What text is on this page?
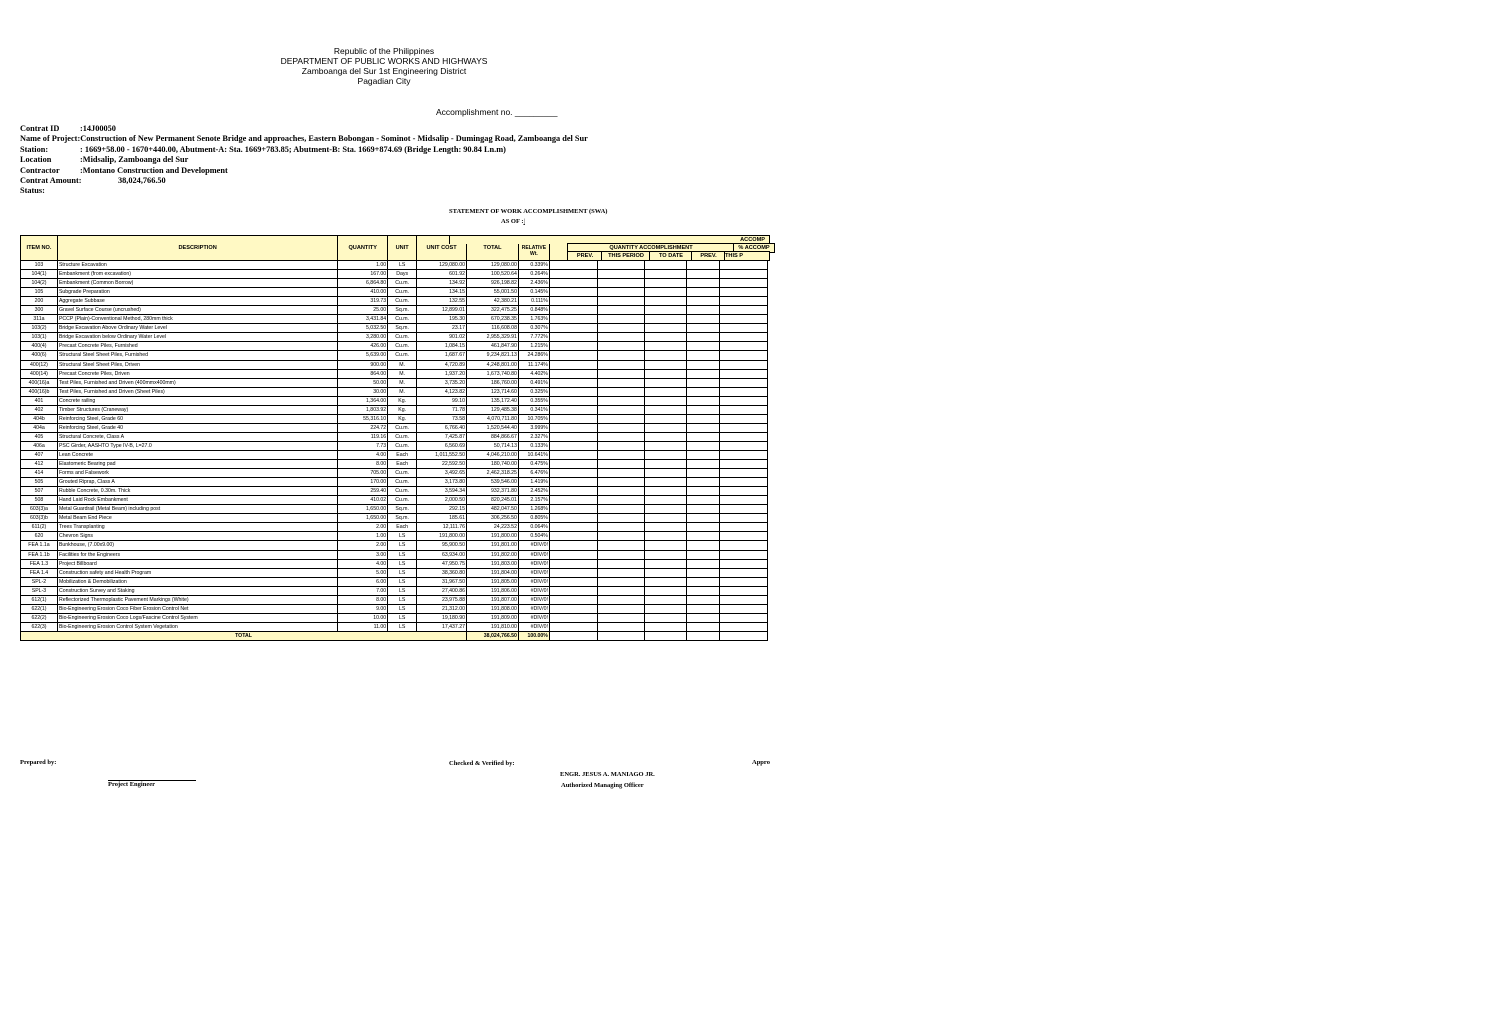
Republic of the Philippines
DEPARTMENT OF PUBLIC WORKS AND HIGHWAYS
Zamboanga del Sur 1st Engineering District
Pagadian City
Accomplishment no. _________
Contrat ID	:14J00050
Name of Project :Construction of New Permanent Senote Bridge and approaches, Eastern Bobongan - Sominot - Midsalip - Dumingag Road, Zamboanga del Sur
Station:	: 1669+58.00 - 1670+440.00, Abutment-A: Sta. 1669+783.85; Abutment-B: Sta. 1669+874.69 (Bridge Length: 90.84 Ln.m)
Location	:Midsalip, Zamboanga del Sur
Contractor	:Montano Construction and Development
Contrat Amount:	38,024,766.50
Status:
STATEMENT OF WORK ACCOMPLISHMENT (SWA)
AS OF :|
ITEM NO.	DESCRIPTION	QUANTITY	UNIT	UNIT COST	TOTAL	RELATIVE Wt.					
103	Structure Excavation	1.00	LS	129,080.00	129,080.00	0.339%					
104(1)	Embankment (from excavation)	167.00	Days	601.92	100,520.64	0.264%					
104(2)	Embankment (Common Borrow)	6,864.80	Cu.m.	134.92	926,198.82	2.436%					
105	Subgrade Preparation	410.00	Cu.m.	134.15	55,001.50	0.145%					
200	Aggregate Subbase	319.73	Cu.m.	132.55	42,380.21	0.111%					
300	Gravel Surface Course (uncrushed)	25.00	Sq.m.	12,899.01	322,475.25	0.848%					
311a	PCCP (Plain)-Conventional Method, 280mm thick	3,431.84	Cu.m.	195.30	670,238.35	1.763%					
103(2)	Bridge Excavation Above Ordinary Water Level	5,032.50	Sq.m.	23.17	116,608.08	0.307%					
103(1)	Bridge Excavation below Ordinary Water Level	3,280.00	Cu.m.	901.02	2,955,329.91	7.772%					
400(4)	Precast Concrete Piles, Furnished	426.00	Cu.m.	1,084.15	461,847.90	1.215%					
400(6)	Structural Steel Sheet Piles, Furnished	5,639.00	Cu.m.	1,687.67	9,234,821.13	24.286%					
400(12)	Structural Steel Sheet Piles, Driven	900.00	M.	4,720.89	4,248,801.00	11.174%					
400(14)	Precast Concrete Piles, Driven	864.00	M.	1,937.20	1,673,740.80	4.402%					
400(16)a	Test Piles, Furnished and Driven (400mmx400mm)	50.00	M.	3,735.20	186,760.00	0.491%					
400(16)b	Test Piles, Furnished and Driven (Sheet Piles)	30.00	M.	4,123.82	123,714.60	0.325%					
401	Concrete railing	1,364.00	Kg.	99.10	135,172.40	0.355%					
402	Timber Structures (Craneway)	1,803.92	Kg.	71.78	129,485.38	0.341%					
404b	Reinforcing Steel, Grade 60	55,316.10	Kg.	73.58	4,070,711.80	10.705%					
404a	Reinforcing Steel, Grade 40	224.72	Cu.m.	6,766.40	1,520,544.40	3.999%					
405	Structural Concrete, Class A	119.16	Cu.m.	7,425.87	884,866.67	2.327%					
406a	PSC Girder, AASHTO Type IV-B, L=27.0	7.73	Cu.m.	6,560.69	50,714.13	0.133%					
407	Lean Concrete	4.00	Each	1,011,552.50	4,046,210.00	10.641%					
412	Elastomeric Bearing pad	8.00	Each	22,592.50	180,740.00	0.475%					
414	Forms and Falsework	705.00	Cu.m.	3,492.65	2,462,318.25	6.476%					
505	Grouted Riprap, Class A	170.00	Cu.m.	3,173.80	539,546.00	1.419%					
507	Rubble Concrete, 0.30m. Thick	259.40	Cu.m.	3,594.34	932,371.80	2.452%					
508	Hand Laid Rock Embankment	410.02	Cu.m.	2,000.50	820,245.01	2.157%					
603(3)a	Metal Guardrail (Metal Beam) including post	1,650.00	Sq.m.	292.15	482,047.50	1.268%					
603(3)b	Metal Beam End Piece	1,650.00	Sq.m.	185.61	306,256.50	0.805%					
611(2)	Trees Transplanting	2.00	Each	12,111.76	24,223.52	0.064%					
620	Chevron Signs	1.00	LS	191,800.00	191,800.00	0.504%					
FEA 1.1a	Bunkhouse, (7.00x9.00)	2.00	LS	95,900.50	191,801.00	#DIV/0!					
FEA 1.1b	Facilities for the Engineers	3.00	LS	63,934.00	191,802.00	#DIV/0!					
FEA 1.3	Project Billboard	4.00	LS	47,950.75	191,803.00	#DIV/0!					
FEA 1.4	Construction safety and Health Program	5.00	LS	38,360.80	191,804.00	#DIV/0!					
SPL-2	Mobilization & Demobilization	6.00	LS	31,967.50	191,805.00	#DIV/0!					
SPL-3	Construction Survey and Staking	7.00	LS	27,400.86	191,806.00	#DIV/0!					
612(1)	Reflectorized Thermoplastic Pavement Markings (White)	8.00	LS	23,975.88	191,807.00	#DIV/0!					
622(1)	Bio-Engineering Erosion Coco Fiber Erosion Control Net	9.00	LS	21,312.00	191,808.00	#DIV/0!					
622(2)	Bio-Engineering Erosion Coco Logs/Fascine Control System	10.00	LS	19,180.90	191,809.00	#DIV/0!					
622(3)	Bio-Engineering Erosion Control System Vegetation	11.00	LS	17,437.27	191,810.00	#DIV/0!					
TOTAL					38,024,766.50	100.00%					
ACCOMP
QUANTITY ACCOMPLISHMENT	% ACCOMP
PREV.	THIS PERIOD	TO DATE	PREV.	THIS P
Prepared by:
Project Engineer
Checked & Verified by:
ENGR. JESUS A. MANIAGO JR.
Authorized Managing Officer
Appro
